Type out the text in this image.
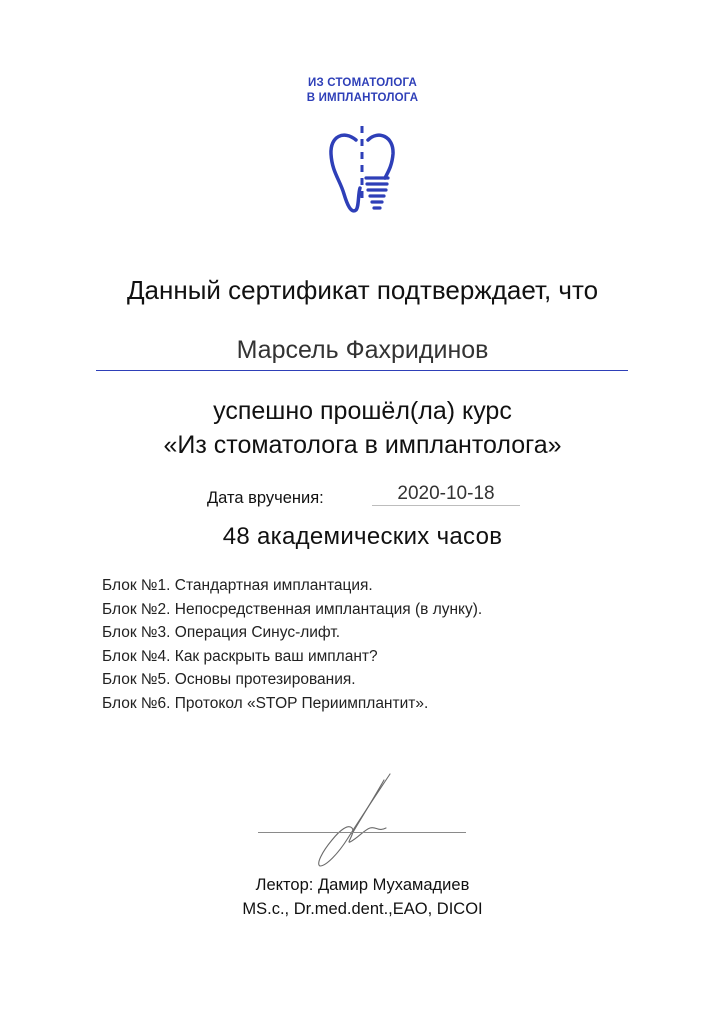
ИЗ СТОМАТОЛОГА
В ИМПЛАНТОЛОГА
Данный сертификат подтверждает, что
Марсель Фахридинов
успешно прошёл(ла) курс
«Из стоматолога в имплантолога»
Дата вручения:	2020-10-18
48 академических часов
Блок №1. Стандартная имплантация.
Блок №2. Непосредственная имплантация (в лунку).
Блок №3. Операция Синус-лифт.
Блок №4. Как раскрыть ваш имплант?
Блок №5. Основы протезирования.
Блок №6. Протокол «STOP Периимплантит».
Лектор: Дамир Мухамадиев
MS.c., Dr.med.dent.,EAO, DICOI
